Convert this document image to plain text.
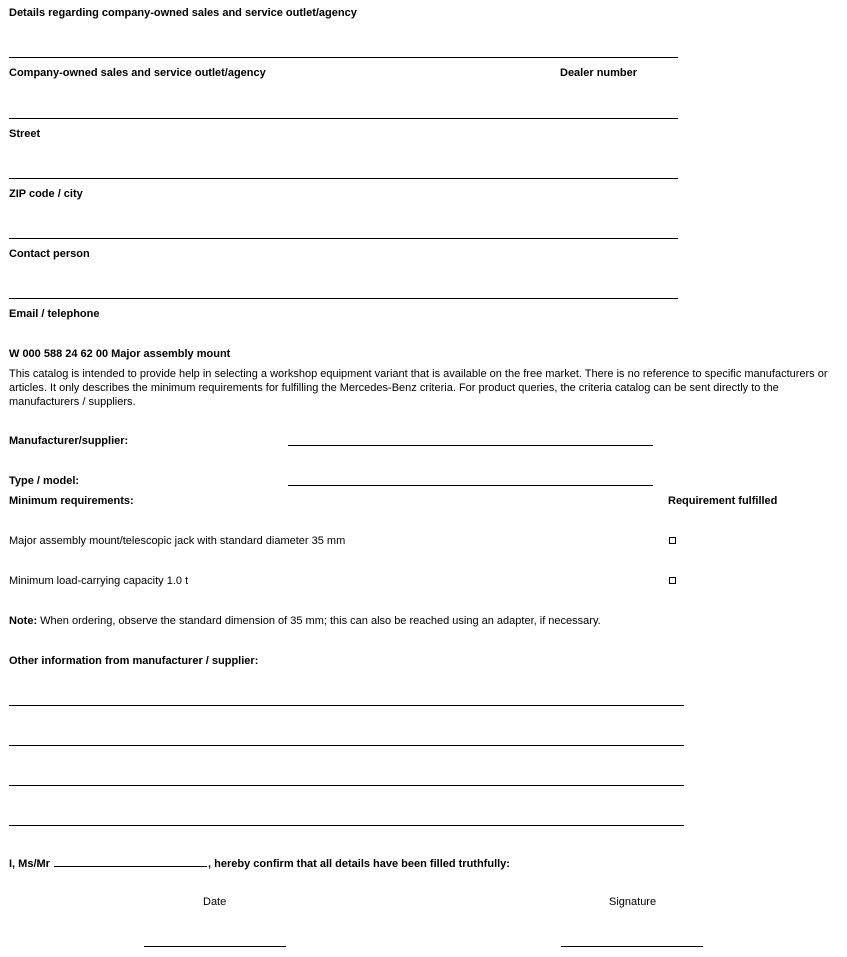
Details regarding company-owned sales and service outlet/agency
Company-owned sales and service outlet/agency	Dealer number
Street
ZIP code / city
Contact person
Email / telephone
W 000 588 24 62 00 Major assembly mount
This catalog is intended to provide help in selecting a workshop equipment variant that is available on the free market. There is no reference to specific manufacturers or articles. It only describes the minimum requirements for fulfilling the Mercedes-Benz criteria. For product queries, the criteria catalog can be sent directly to the manufacturers / suppliers.
Manufacturer/supplier:
Type / model:
Minimum requirements:	Requirement fulfilled
Major assembly mount/telescopic jack with standard diameter 35 mm
Minimum load-carrying capacity 1.0 t
Note: When ordering, observe the standard dimension of 35 mm; this can also be reached using an adapter, if necessary.
Other information from manufacturer / supplier:
I, Ms/Mr	, hereby confirm that all details have been filled truthfully:
Date	Signature
